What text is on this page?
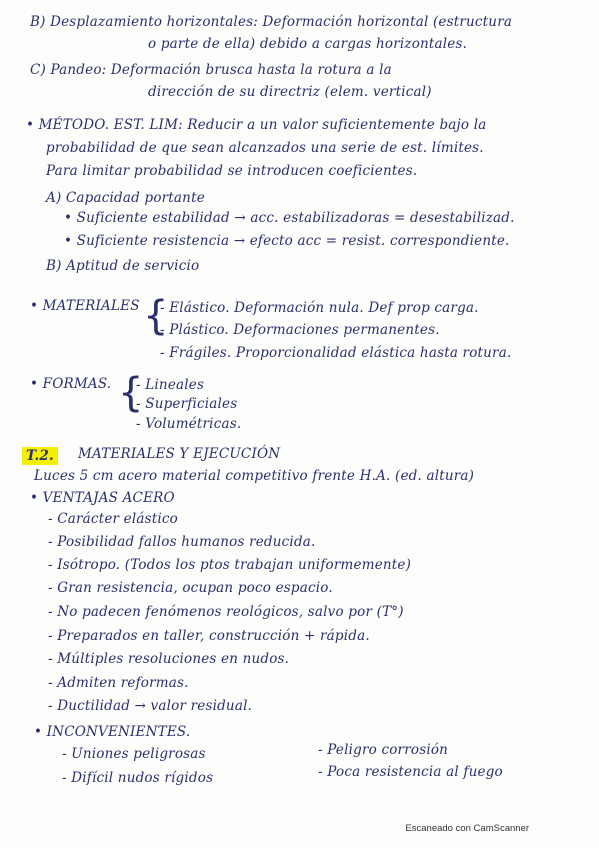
B) Desplazamiento horizontales: Deformación horizontal (estructura
o parte de ella) debido a cargas horizontales.
C) Pandeo: Deformación brusca hasta la rotura a la
dirección de su directriz (elem. vertical)
• MÉTODO. EST. LIM: Reducir a un valor suficientemente bajo la
probabilidad de que sean alcanzados una serie de est. límites.
Para limitar probabilidad se introducen coeficientes.
A) Capacidad portante
• Suficiente estabilidad → acc. estabilizadoras = desestabilizad.
• Suficiente resistencia → efecto acc = resist. correspondiente.
B) Aptitud de servicio
• MATERIALES {
- Elástico. Deformación nula. Def prop carga.
- Plástico. Deformaciones permanentes.
- Frágiles. Proporcionalidad elástica hasta rotura.
• FORMAS. {
- Lineales
- Superficiales
- Volumétricas.
T.2. MATERIALES Y EJECUCIÓN
Luces 5 cm acero material competitivo frente H.A. (ed. altura)
• VENTAJAS ACERO
- Carácter elástico
- Posibilidad fallos humanos reducida.
- Isótropo. (Todos los ptos trabajan uniformemente)
- Gran resistencia, ocupan poco espacio.
- No padecen fenómenos reológicos, salvo por (T°)
- Preparados en taller, construcción + rápida.
- Múltiples resoluciones en nudos.
- Admiten reformas.
- Ductilidad → valor residual.
• INCONVENIENTES.
- Uniones peligrosas
- Difícil nudos rígidos
- Peligro corrosión
- Poca resistencia al fuego
Escaneado con CamScanner
